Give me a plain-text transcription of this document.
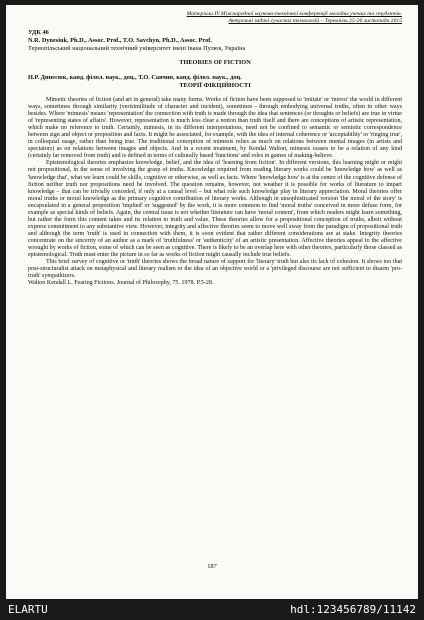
Матеріали IV Міжнародної науково-технічної конференції молодих учених та студентів.
Актуальні задачі сучасних технологій – Тернопіль 25-26 листопада 2015
УДК 46
N.R. Dynesiuk, Ph.D., Assoc. Prof., T.O. Savchyn, Ph.D., Assoc. Prof.
Тернопільський національний технічний університет імені Івана Пулюя, Україна
THEORIES OF FICTION
Н.Р. Динесюк, канд. філол. наук., доц., Т.О. Савчин, канд. філол. наук., доц.
ТЕОРІЇ ФІКЦІЙНОСТІ

Mimetic theories of fiction (and art in general) take many forms. Works of fiction have been supposed to 'imitate' or 'mirror' the world in different ways, sometimes through similarity (verisimilitude of character and incident), sometimes - through embodying universal truths, often in other ways besides. Where 'mimesis' means 'representation' the connection with truth is made through the idea that sentences (or thoughts or beliefs) are true in virtue of 'representing states of affairs'. However, representation is much less clear a notion than truth itself and there are conceptions of artistic representation, which make no reference to truth. Certainly, mimesis, in its different interpretations, need not be confined to semantic or semiotic correspondence between sign and object or proposition and facts. It might be associated, for example, with the idea of internal coherence or 'acceptability' or 'ringing true', in colloquial usage, rather than being true. The traditional conception of mimesis relies as much on relations between mental images (in artists and spectators) as on relations between images and objects. And in a recent treatment, by Kendal Walton, mimesis ceases to be a relation of any kind (certainly far removed from truth) and is defined in terms of culturally based 'functions' and roles in games of making-believe.

Epistemological theories emphasize knowledge, belief, and the idea of 'learning from fiction'. In different versions, this learning might or might not propositional, in the sense of involving the grasp of truths. Knowledge required from reading literary works could be 'knowledge how' as well as 'knowledge that', what we learn could be skills, cognitive or otherwise, as well as facts. Where 'knowledge how' is at the centre of the cognitive defense of fiction neither truth nor propositions need be involved. The question remains, however, not weather it is possible for works of literature to impart knowledge – that can be trivially conceded, if only at a causal level – but what role such knowledge play in literary appreciation. Moral theories offer moral truths or moral knowledge as the primary cognitive contribution of literary works. Although in unsophisticated version 'the moral of the story' is encapsulated in a general proposition 'implied' or 'suggested' by the work, it is more common to find 'moral truths' conceived in more defuse form, for example as special kinds of beliefs. Again, the central issue is not whether literature can have 'moral content', from which readers might learn something, but rather the form this content takes and its relation to truth and value. These theories allow for a propositional conception of truths, albeit without express commitment to any substantive view. However, integrity and affective theories seem to move well away from the paradigm of propositional truth and although the term 'truth' is used in connection with them, it is soon evident that rather different considerations are at stake. Integrity theories concentrate on the sincerity of an author as a mark of 'truthfulness' or 'authenticity' of an artistic presentation. Affective theories appeal to the affective wrought by works of fiction, some of which can be seen as cognitive. There is likely to be an overlap here with other theories, particularly those classed as epistemological. Truth must enter the picture in so far as works of fiction might causally include true beliefs.

This brief survey of cognitive or 'truth' theories shows the broad nature of support for 'literary' truth but also its lack of cohesion. It shows too that post-structuralist attack on metaphysical and literary realism or the idea of an objective world or a 'privileged discourse are not sufficient to disarm 'pro-truth' sympathizers.

Walton Kendall L. Fearing Fictions. Journal of Philosophy, 75. 1978. P.5-28.

187
ELARTU	hdl:123456789/11142
